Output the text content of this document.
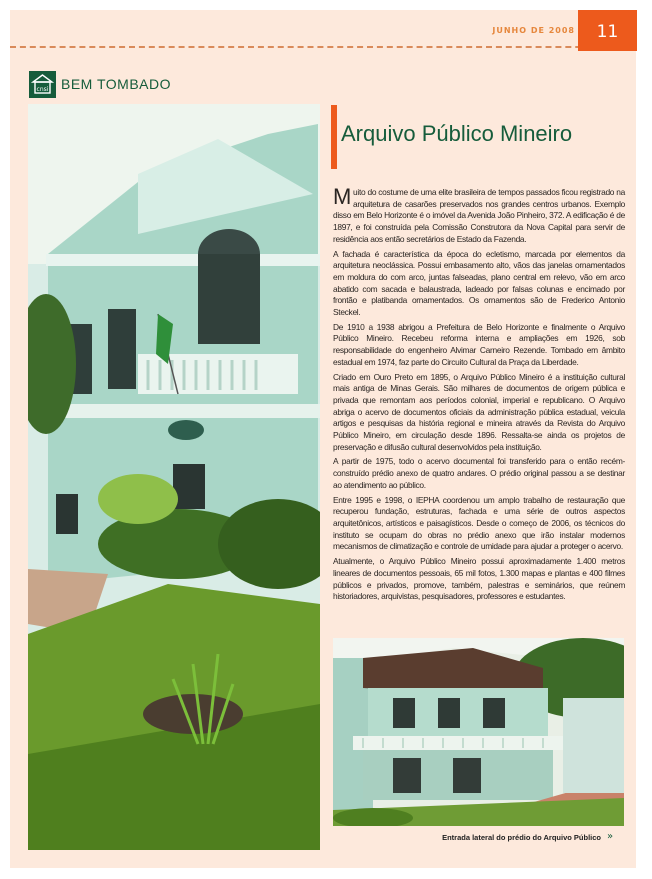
JUNHO DE 2008	11
cnsi BEM TOMBADO
Arquivo Público Mineiro

Muito do costume de uma elite brasileira de tempos passados ficou registrado na arquitetura de casarões preservados nos grandes centros urbanos. Exemplo disso em Belo Horizonte é o imóvel da Avenida João Pinheiro, 372. A edificação é de 1897, e foi construída pela Comissão Construtora da Nova Capital para servir de residência aos então secretários de Estado da Fazenda.

A fachada é característica da época do ecletismo, marcada por elementos da arquitetura neoclássica. Possui embasamento alto, vãos das janelas ornamentados em moldura do com arco, juntas falseadas, plano central em relevo, vão em arco abatido com sacada e balaustrada, ladeado por falsas colunas e encimado por frontão e platibanda ornamentados. Os ornamentos são de Frederico Antonio Steckel.

De 1910 a 1938 abrigou a Prefeitura de Belo Horizonte e finalmente o Arquivo Público Mineiro. Recebeu reforma interna e ampliações em 1926, sob responsabilidade do engenheiro Alvimar Carneiro Rezende. Tombado em âmbito estadual em 1974, faz parte do Circuito Cultural da Praça da Liberdade.

Criado em Ouro Preto em 1895, o Arquivo Público Mineiro é a instituição cultural mais antiga de Minas Gerais. São milhares de documentos de origem pública e privada que remontam aos períodos colonial, imperial e republicano. O Arquivo abriga o acervo de documentos oficiais da administração pública estadual, veicula artigos e pesquisas da história regional e mineira através da Revista do Arquivo Público Mineiro, em circulação desde 1896. Ressalta-se ainda os projetos de preservação e difusão cultural desenvolvidos pela instituição.

A partir de 1975, todo o acervo documental foi transferido para o então recém-construído prédio anexo de quatro andares. O prédio original passou a se destinar ao atendimento ao público.

Entre 1995 e 1998, o IEPHA coordenou um amplo trabalho de restauração que recuperou fundação, estruturas, fachada e uma série de outros aspectos arquitetônicos, artísticos e paisagísticos. Desde o começo de 2006, os técnicos do instituto se ocupam do obras no prédio anexo que irão instalar modernos mecanismos de climatização e controle de umidade para ajudar a proteger o acervo.

Atualmente, o Arquivo Público Mineiro possui aproximadamente 1.400 metros lineares de documentos pessoais, 65 mil fotos, 1.300 mapas e plantas e 400 filmes públicos e privados, promove, também, palestras e seminários, que reúnem historiadores, arquivistas, pesquisadores, professores e estudantes.

Entrada lateral do prédio do Arquivo Público »
